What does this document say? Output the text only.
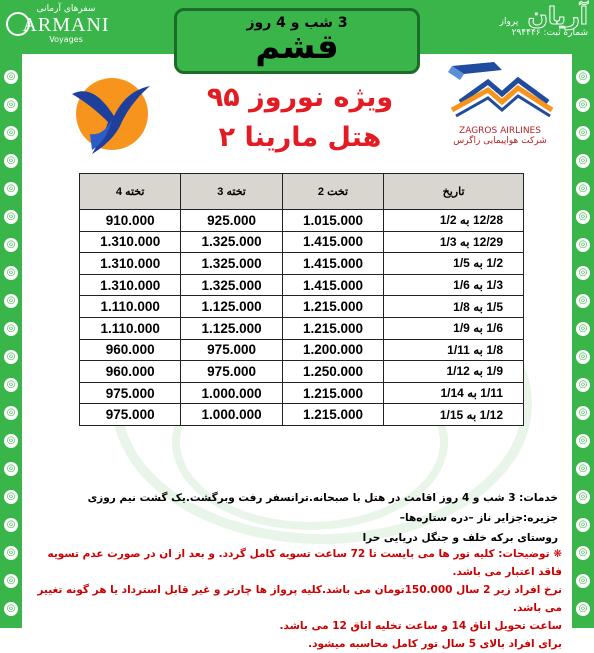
◎	◎
◎	◎
◎	◎
◎	◎
◎	◎
◎	◎
◎	◎
◎	◎
◎	◎
◎	◎
◎	◎
◎	◎
◎	◎
◎	◎
◎	◎
◎	◎
◎	◎
◎	◎
◎	◎
◎	◎
سفرهای آرمانی
ARMANI
Voyages
آریان پرواز
شماره ثبت: ۲۹۴۴۴۶
3 شب و 4 روز
قشم
ویژه نوروز ۹۵
هتل مارینا ۲	ZAGROS AIRLINES
شرکت هواپیمایی زاگرس
4 تخته	3 تخته	2 تخت	تاریخ
910.000	925.000	1.015.000	12/28 به 1/2
1.310.000	1.325.000	1.415.000	12/29 به 1/3
1.310.000	1.325.000	1.415.000	1/2 به 1/5
1.310.000	1.325.000	1.415.000	1/3 به 1/6
1.110.000	1.125.000	1.215.000	1/5 به 1/8
1.110.000	1.125.000	1.215.000	1/6 به 1/9
960.000	975.000	1.200.000	1/8 به 1/11
960.000	975.000	1.250.000	1/9 به 1/12
975.000	1.000.000	1.215.000	1/11 به 1/14
975.000	1.000.000	1.215.000	1/12 به 1/15
خدمات: 3 شب و 4 روز اقامت در هتل با صبحانه.ترانسفر رفت وبرگشت.یک گشت نیم روزی جزیره:جزایر ناز –دره ستاره‌ها–
روستای برکه خلف و جنگل دریایی حرا
❋ توضیحات: کلیه تور ها می بایست تا 72 ساعت تسویه کامل گردد. و بعد از ان در صورت عدم تسویه فاقد اعتبار می باشد.
نرخ افراد زیر 2 سال 150.000تومان می باشد.کلیه پرواز ها چارتر و غیر قابل استرداد یا هر گونه تغییر می باشد.
ساعت تحویل اتاق 14 و ساعت تخلیه اتاق 12 می باشد.
برای افراد بالای 5 سال تور کامل محاسبه میشود.
